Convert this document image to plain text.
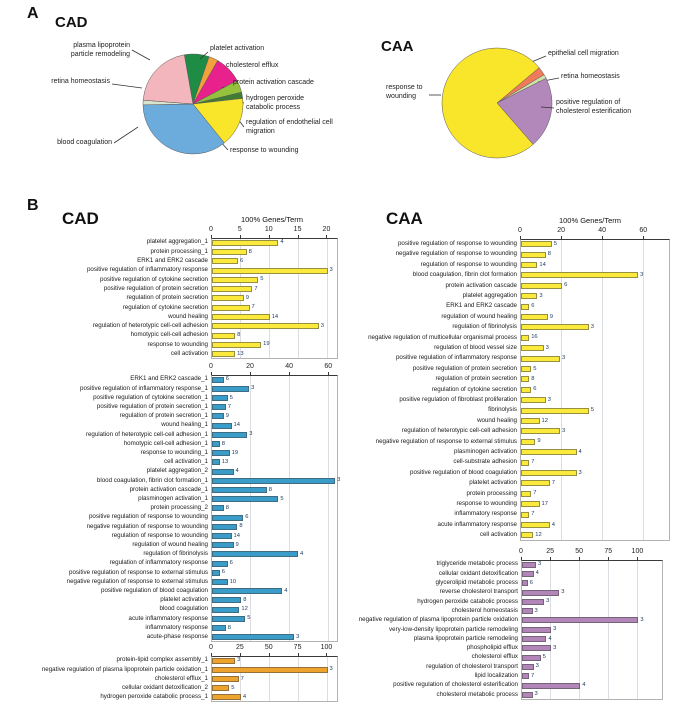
A
CAD
CAA
platelet activation
cholesterol efflux
protein activation cascade
hydrogen peroxide
catabolic process
regulation of endothelial cell
migration
response to wounding
blood coagulation
retina homeostasis
plasma lipoprotein
particle remodeling	epithelial cell migration
retina homeostasis
positive regulation of
cholesterol esterification
response to
wounding
B
CAD	CAA
100% Genes/Term	100% Genes/Term
0	5	10	15	20
platelet aggregation_1	4
protein processing_1	8
ERK1 and ERK2 cascade	6
positive regulation of inflammatory response	3
positive regulation of cytokine secretion	5
positive regulation of protein secretion	7
regulation of protein secretion	9
regulation of cytokine secretion	7
wound healing	14
regulation of heterotypic cell-cell adhesion	3
homotypic cell-cell adhesion	8
response to wounding	19
cell activation	13
0	20	40	60
ERK1 and ERK2 cascade_1	6
positive regulation of inflammatory response_1	3
positive regulation of cytokine secretion_1	5
positive regulation of protein secretion_1	7
regulation of protein secretion_1	9
wound healing_1	14
regulation of heterotypic cell-cell adhesion_1	3
homotypic cell-cell adhesion_1 8
response to wounding_1	19
cell activation_1 13
platelet aggregation_2	4
blood coagulation, fibrin clot formation_1	3
protein activation cascade_1	8
plasminogen activation_1	5
protein processing_2	8
positive regulation of response to wounding	6
negative regulation of response to wounding	8
regulation of response to wounding	14
regulation of wound healing	9
regulation of fibrinolysis	4
regulation of inflammatory response	6
positive regulation of response to external stimulus 6
negative regulation of response to external stimulus	10
positive regulation of blood coagulation	4
platelet activation	8
blood coagulation	12
acute inflammatory response	5
inflammatory response	8
acute-phase response	3
0	25	50	75	100
protein-lipid complex assembly_1	3
negative regulation of plasma lipoprotein particle oxidation_1	3
cholesterol efflux_1	7
cellular oxidant detoxification_2	5
hydrogen peroxide catabolic process_1	4
0	20	40	60
positive regulation of response to wounding	5
negative regulation of response to wounding	8
regulation of response to wounding	14
blood coagulation, fibrin clot formation	3
protein activation cascade	6
platelet aggregation	3
ERK1 and ERK2 cascade 6
regulation of wound healing	9
regulation of fibrinolysis	3
negative regulation of multicellular organismal process 16
regulation of blood vessel size	3
positive regulation of inflammatory response	3
positive regulation of protein secretion	5
regulation of protein secretion 8
regulation of cytokine secretion	6
positive regulation of fibroblast proliferation	3
fibrinolysis	5
wound healing	12
regulation of heterotypic cell-cell adhesion	3
negative regulation of response to external stimulus	9
plasminogen activation	4
cell-substrate adhesion 7
positive regulation of blood coagulation	3
platelet activation	7
protein processing	7
response to wounding	17
inflammatory response 7
acute inflammatory response	4
cell activation	12
0	25	50	75	100
triglyceride metabolic process	3
cellular oxidant detoxification	4
glycerolipid metabolic process 6
reverse cholesterol transport	3
hydrogen peroxide catabolic process	3
cholesterol homeostasis	3
negative regulation of plasma lipoprotein particle oxidation	3
very-low-density lipoprotein particle remodeling	3
plasma lipoprotein particle remodeling	4
phospholipid efflux	3
cholesterol efflux	5
regulation of cholesterol transport	3
lipid localization 7
positive regulation of cholesterol esterification	4
cholesterol metabolic process	3
